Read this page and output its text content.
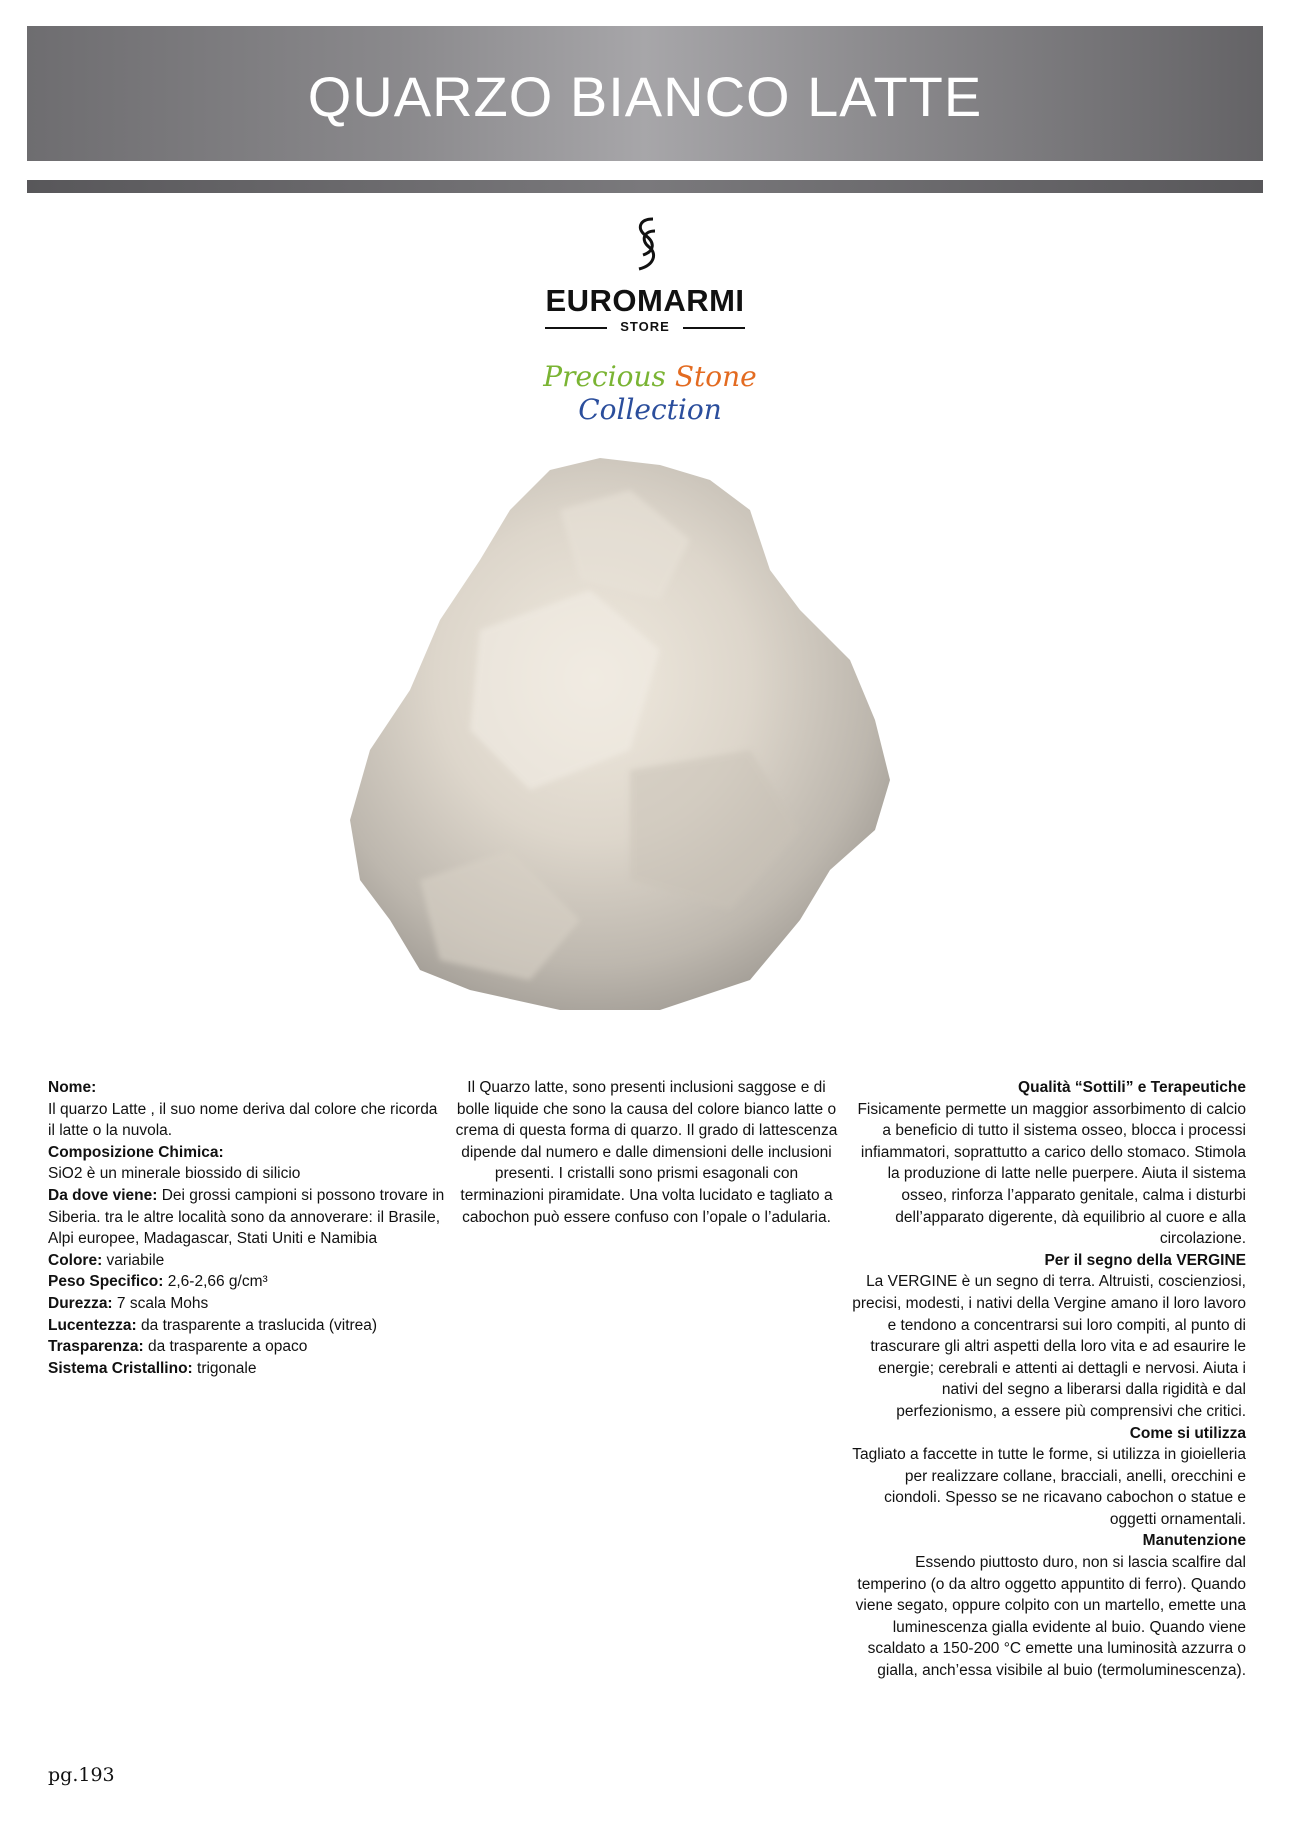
QUARZO BIANCO LATTE
EUROMARMI
STORE
Precious Stone Collection

Nome:

Il quarzo Latte , il suo nome deriva dal colore che ricorda il latte o la nuvola.

Composizione Chimica:

SiO2 è un minerale biossido di silicio

Da dove viene: Dei grossi campioni si possono trovare in Siberia. tra le altre località sono da annoverare: il Brasile, Alpi europee, Madagascar, Stati Uniti e Namibia

Colore: variabile

Peso Specifico: 2,6-2,66 g/cm³

Durezza: 7 scala Mohs

Lucentezza: da trasparente a traslucida (vitrea)

Trasparenza: da trasparente a opaco

Sistema Cristallino: trigonale

Il Quarzo latte, sono presenti inclusioni saggose e di bolle liquide che sono la causa del colore bianco latte o crema di questa forma di quarzo. Il grado di lattescenza dipende dal numero e dalle dimensioni delle inclusioni presenti. I cristalli sono prismi esagonali con terminazioni piramidate. Una volta lucidato e tagliato a cabochon può essere confuso con l’opale o l’adularia.

Qualità “Sottili” e Terapeutiche

Fisicamente permette un maggior assorbimento di calcio a beneficio di tutto il sistema osseo, blocca i processi infiammatori, soprattutto a carico dello stomaco. Stimola la produzione di latte nelle puerpere. Aiuta il sistema osseo, rinforza l’apparato genitale, calma i disturbi dell’apparato digerente, dà equilibrio al cuore e alla circolazione.

Per il segno della VERGINE

La VERGINE è un segno di terra. Altruisti, coscienziosi, precisi, modesti, i nativi della Vergine amano il loro lavoro e tendono a concentrarsi sui loro compiti, al punto di trascurare gli altri aspetti della loro vita e ad esaurire le energie; cerebrali e attenti ai dettagli e nervosi. Aiuta i nativi del segno a liberarsi dalla rigidità e dal perfezionismo, a essere più comprensivi che critici.

Come si utilizza

Tagliato a faccette in tutte le forme, si utilizza in gioielleria per realizzare collane, bracciali, anelli, orecchini e ciondoli. Spesso se ne ricavano cabochon o statue e oggetti ornamentali.

Manutenzione

Essendo piuttosto duro, non si lascia scalfire dal temperino (o da altro oggetto appuntito di ferro). Quando viene segato, oppure colpito con un martello, emette una luminescenza gialla evidente al buio. Quando viene scaldato a 150-200 °C emette una luminosità azzurra o gialla, anch’essa visibile al buio (termoluminescenza).

pg.193
